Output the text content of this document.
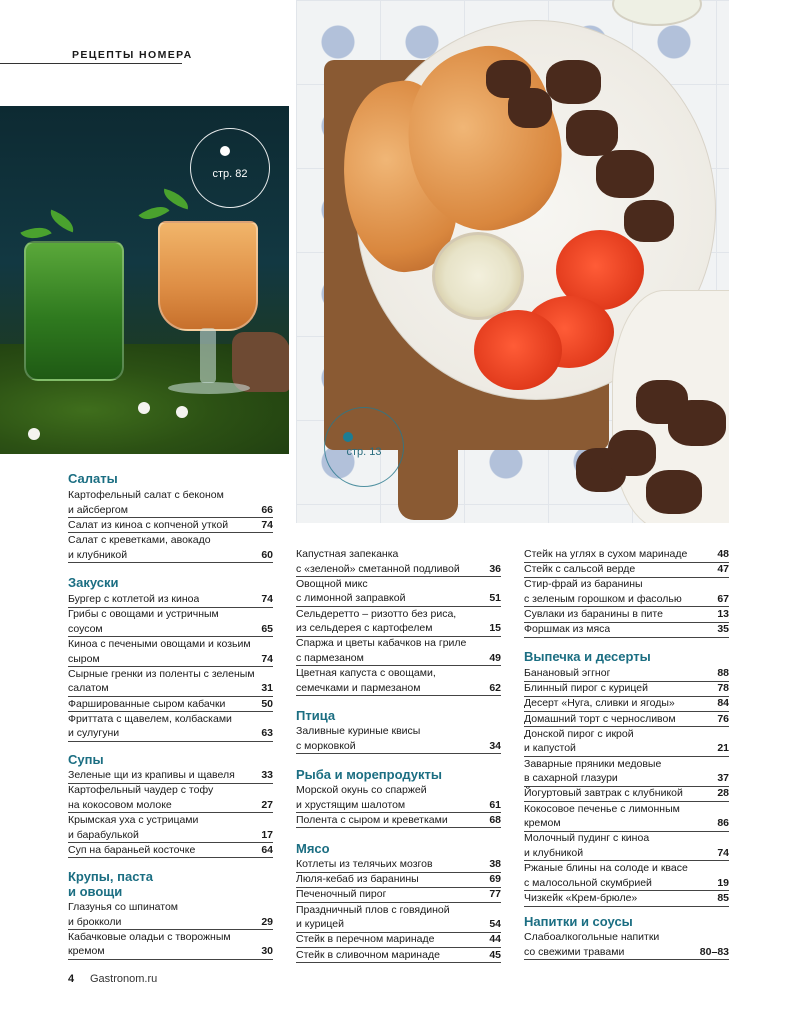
РЕЦЕПТЫ НОМЕРА
стр. 82
стр. 13
Салаты
Картофельный салат с беконом
и айсбергом	66
Салат из киноа с копченой уткой	74
Салат с креветками, авокадо
и клубникой	60
Закуски
Бургер с котлетой из киноа	74
Грибы с овощами и устричным
соусом	65
Киноа с печеными овощами и козьим
сыром	74
Сырные гренки из поленты с зеленым
салатом	31
Фаршированные сыром кабачки	50
Фриттата с щавелем, колбасками
и сулугуни	63
Супы
Зеленые щи из крапивы и щавеля	33
Картофельный чаудер с тофу
на кокосовом молоке	27
Крымская уха с устрицами
и барабулькой	17
Суп на бараньей косточке	64
Крупы, паста
и овощи
Глазунья со шпинатом
и брокколи	29
Кабачковые оладьи с творожным
кремом	30
Капустная запеканка
с «зеленой» сметанной подливой	36
Овощной микс
с лимонной заправкой	51
Сельдеретто – ризотто без риса,
из сельдерея с картофелем	15
Спаржа и цветы кабачков на гриле
с пармезаном	49
Цветная капуста с овощами,
семечками и пармезаном	62
Птица
Заливные куриные квисы
с морковкой	34
Рыба и морепродукты
Морской окунь со спаржей
и хрустящим шалотом	61
Полента с сыром и креветками	68
Мясо
Котлеты из телячьих мозгов	38
Люля-кебаб из баранины	69
Печеночный пирог	77
Праздничный плов с говядиной
и курицей	54
Стейк в перечном маринаде	44
Стейк в сливочном маринаде	45
Стейк на углях в сухом маринаде	48
Стейк с сальсой верде	47
Стир-фрай из баранины
с зеленым горошком и фасолью	67
Сувлаки из баранины в пите	13
Форшмак из мяса	35
Выпечка и десерты
Банановый эггног	88
Блинный пирог с курицей	78
Десерт «Нуга, сливки и ягоды»	84
Домашний торт с черносливом	76
Донской пирог с икрой
и капустой	21
Заварные пряники медовые
в сахарной глазури	37
Йогуртовый завтрак с клубникой	28
Кокосовое печенье с лимонным
кремом	86
Молочный пудинг с киноа
и клубникой	74
Ржаные блины на солоде и квасе
с малосольной скумбрией	19
Чизкейк «Крем-брюле»	85
Напитки и соусы
Слабоалкогольные напитки
со свежими травами	80–83
4 Gastronom.ru
